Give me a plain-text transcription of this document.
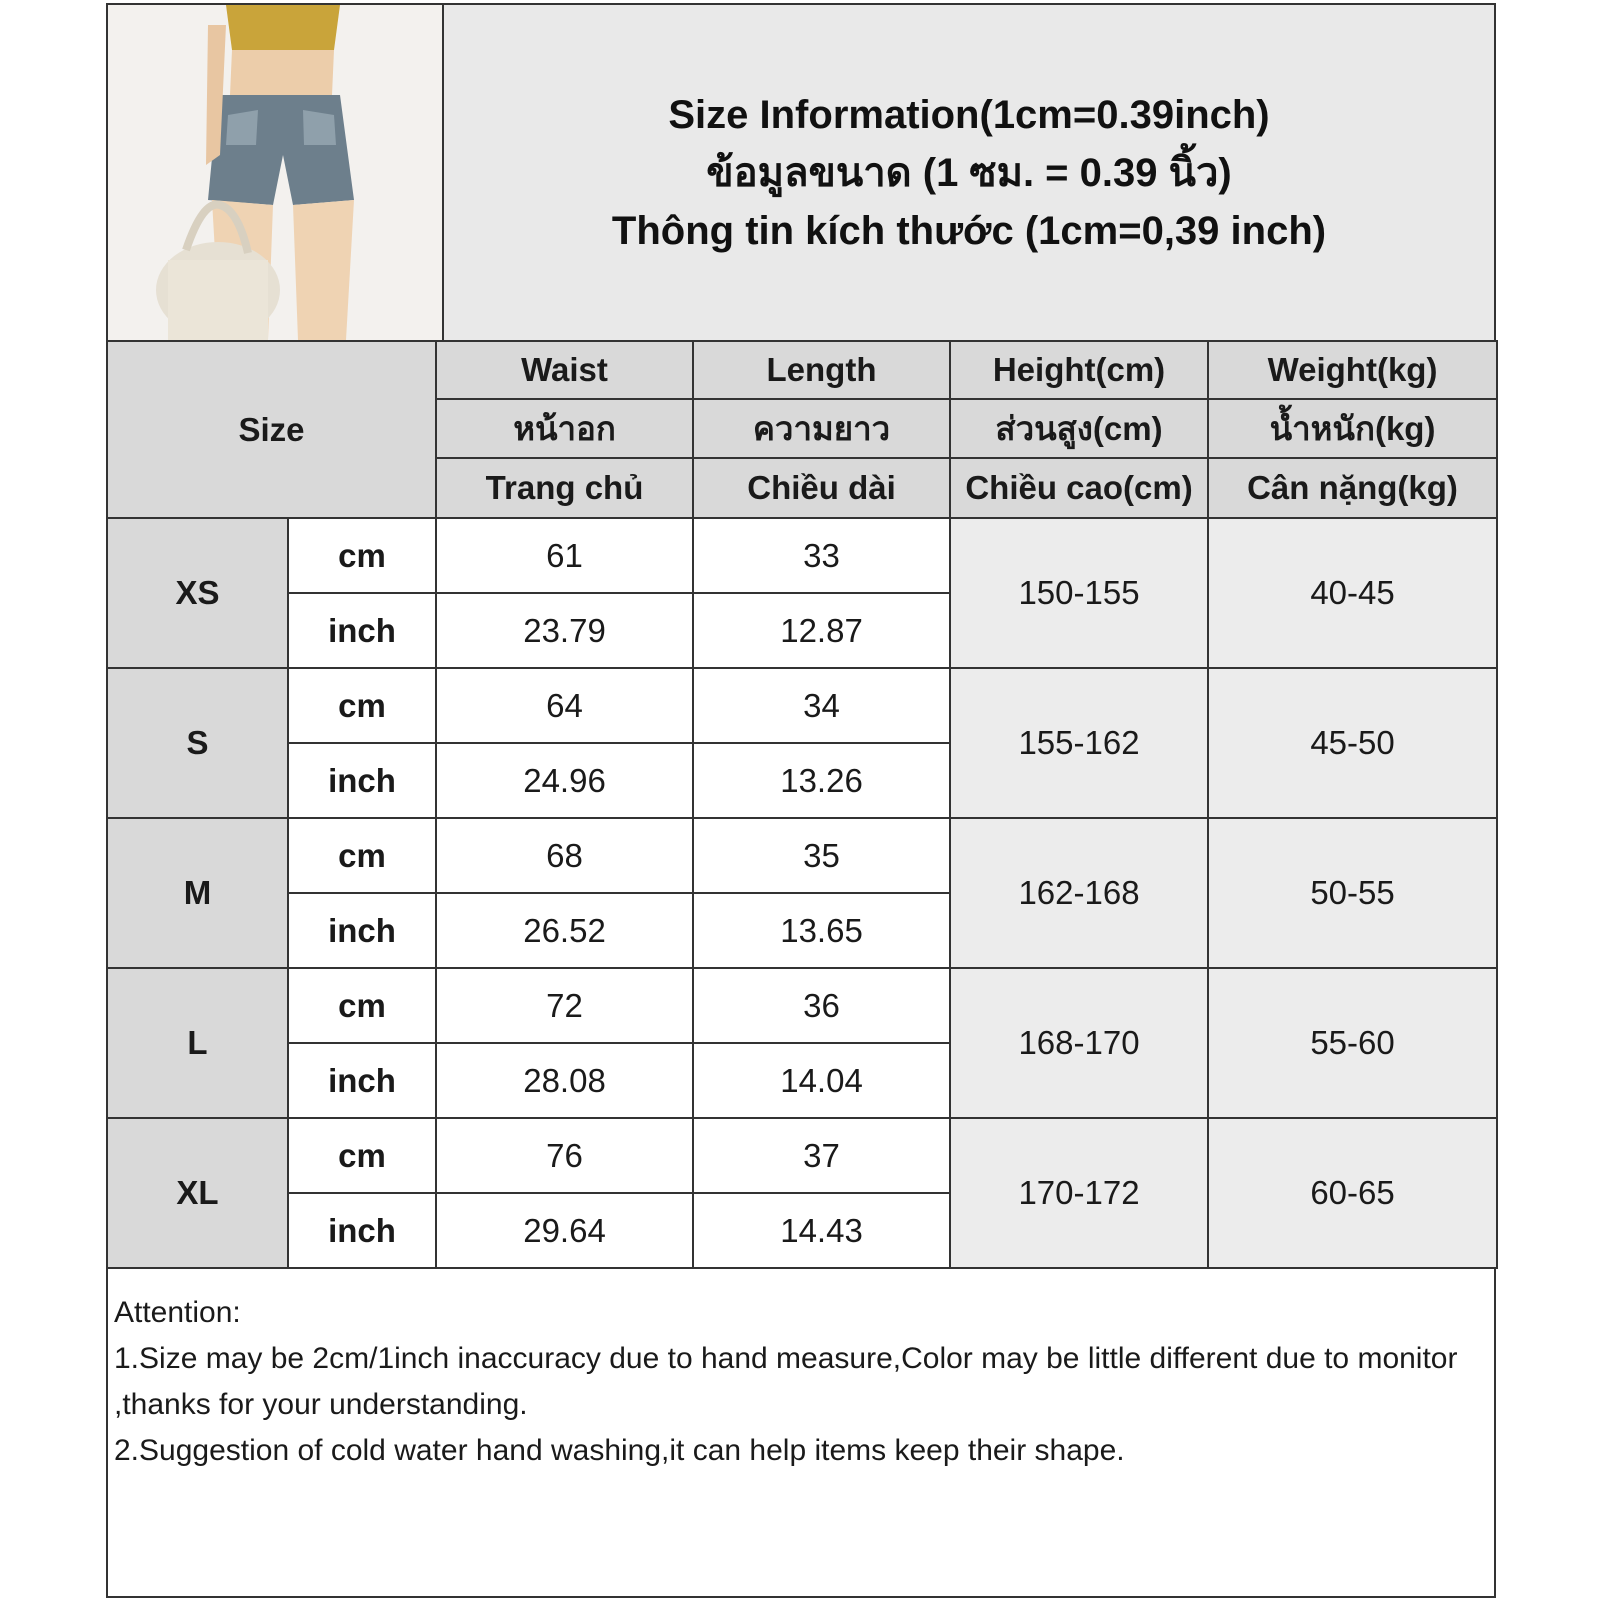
Size Information(1cm=0.39inch)
ข้อมูลขนาด (1 ซม. = 0.39 นิ้ว)
Thông tin kích thước (1cm=0,39 inch)
Size		Waist	Length	Height(cm)	Weight(kg)
		หน้าอก	ความยาว	ส่วนสูง(cm)	น้ำหนัก(kg)
		Trang chủ	Chiều dài	Chiều cao(cm)	Cân nặng(kg)
XS	cm	61	33	150-155	40-45
	inch	23.79	12.87		
S	cm	64	34	155-162	45-50
	inch	24.96	13.26		
M	cm	68	35	162-168	50-55
	inch	26.52	13.65		
L	cm	72	36	168-170	55-60
	inch	28.08	14.04		
XL	cm	76	37	170-172	60-65
	inch	29.64	14.43		
Attention:
1.Size may be 2cm/1inch inaccuracy due to hand measure,Color may be little different due to monitor ,thanks for your understanding.
2.Suggestion of cold water hand washing,it can help items keep their shape.
